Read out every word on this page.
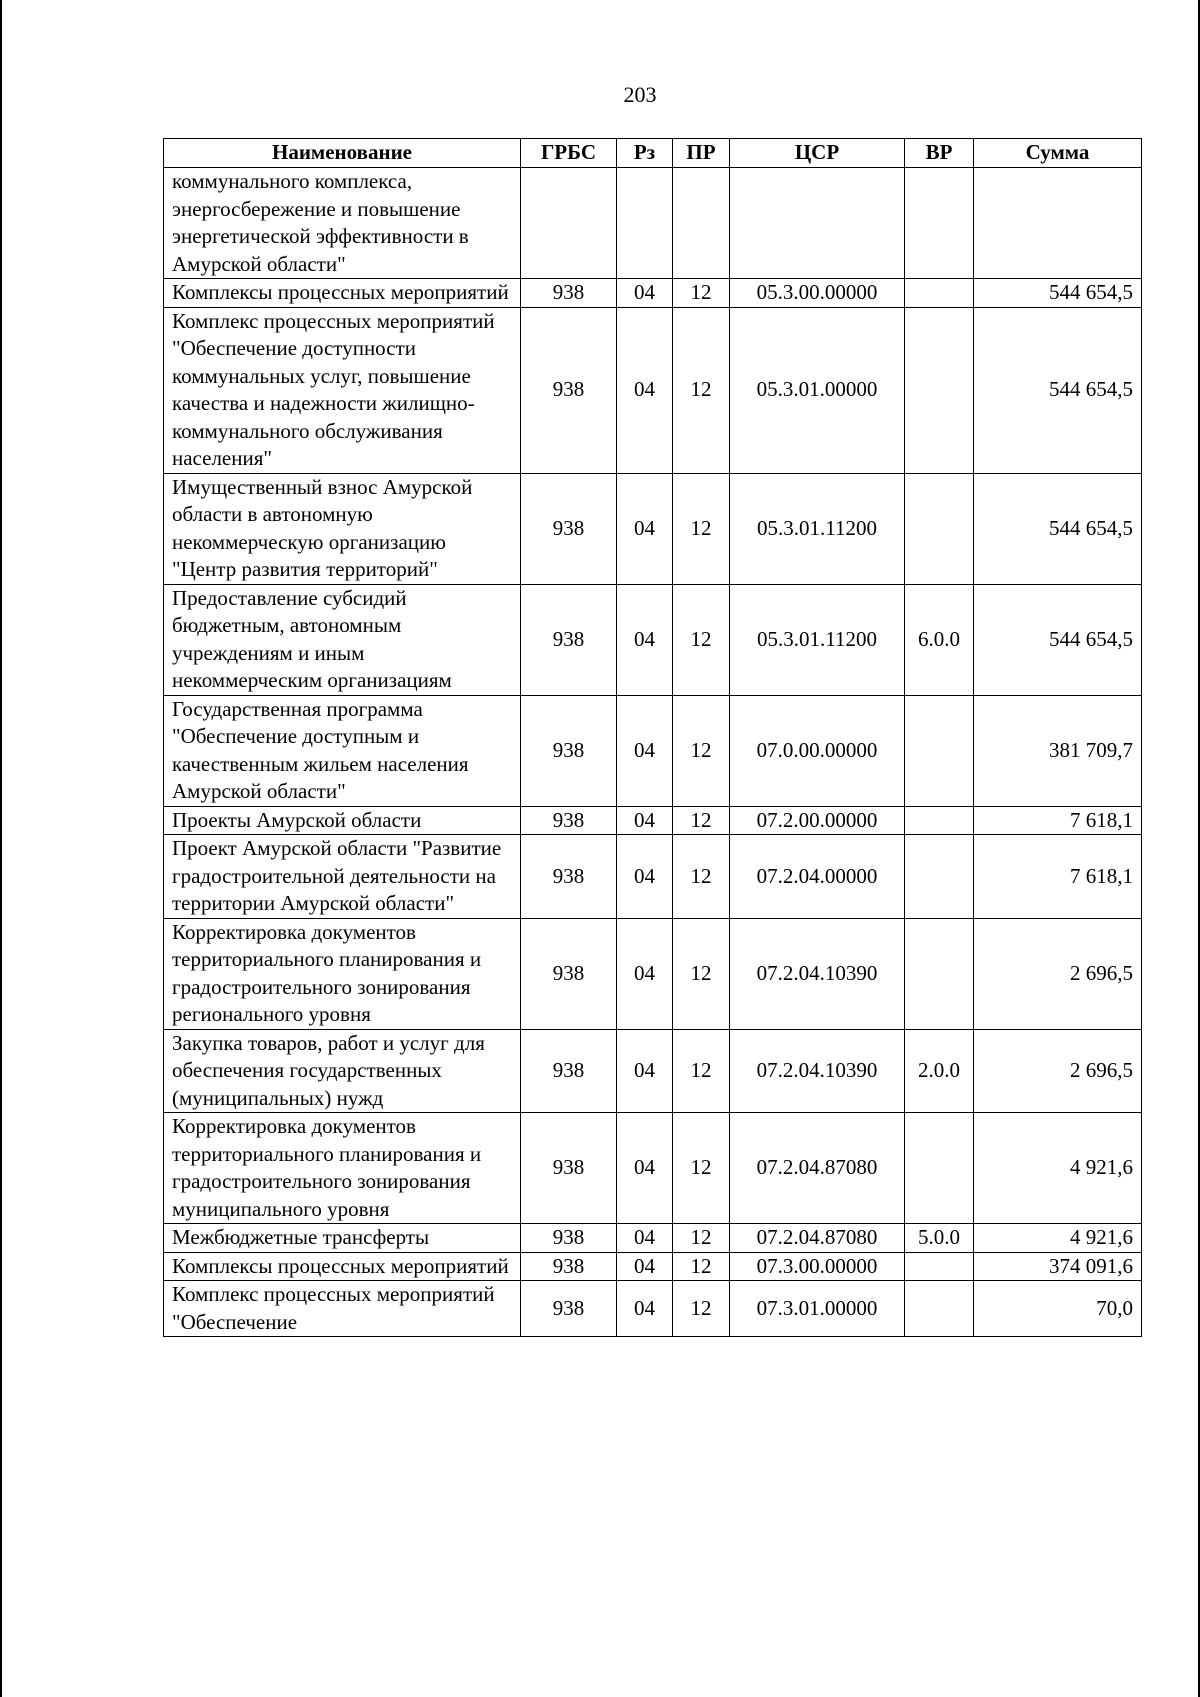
203
Наименование	ГРБС	Рз	ПР	ЦСР	ВР	Сумма
коммунального комплекса, энергосбережение и повышение энергетической эффективности в Амурской области"						
Комплексы процессных мероприятий	938	04	12	05.3.00.00000		544 654,5
Комплекс процессных мероприятий "Обеспечение доступности коммунальных услуг, повышение качества и надежности жилищно-коммунального обслуживания населения"	938	04	12	05.3.01.00000		544 654,5
Имущественный взнос Амурской области в автономную некоммерческую организацию "Центр развития территорий"	938	04	12	05.3.01.11200		544 654,5
Предоставление субсидий бюджетным, автономным учреждениям и иным некоммерческим организациям	938	04	12	05.3.01.11200	6.0.0	544 654,5
Государственная программа "Обеспечение доступным и качественным жильем населения Амурской области"	938	04	12	07.0.00.00000		381 709,7
Проекты Амурской области	938	04	12	07.2.00.00000		7 618,1
Проект Амурской области "Развитие градостроительной деятельности на территории Амурской области"	938	04	12	07.2.04.00000		7 618,1
Корректировка документов территориального планирования и градостроительного зонирования регионального уровня	938	04	12	07.2.04.10390		2 696,5
Закупка товаров, работ и услуг для обеспечения государственных (муниципальных) нужд	938	04	12	07.2.04.10390	2.0.0	2 696,5
Корректировка документов территориального планирования и градостроительного зонирования муниципального уровня	938	04	12	07.2.04.87080		4 921,6
Межбюджетные трансферты	938	04	12	07.2.04.87080	5.0.0	4 921,6
Комплексы процессных мероприятий	938	04	12	07.3.00.00000		374 091,6
Комплекс процессных мероприятий "Обеспечение	938	04	12	07.3.01.00000		70,0
